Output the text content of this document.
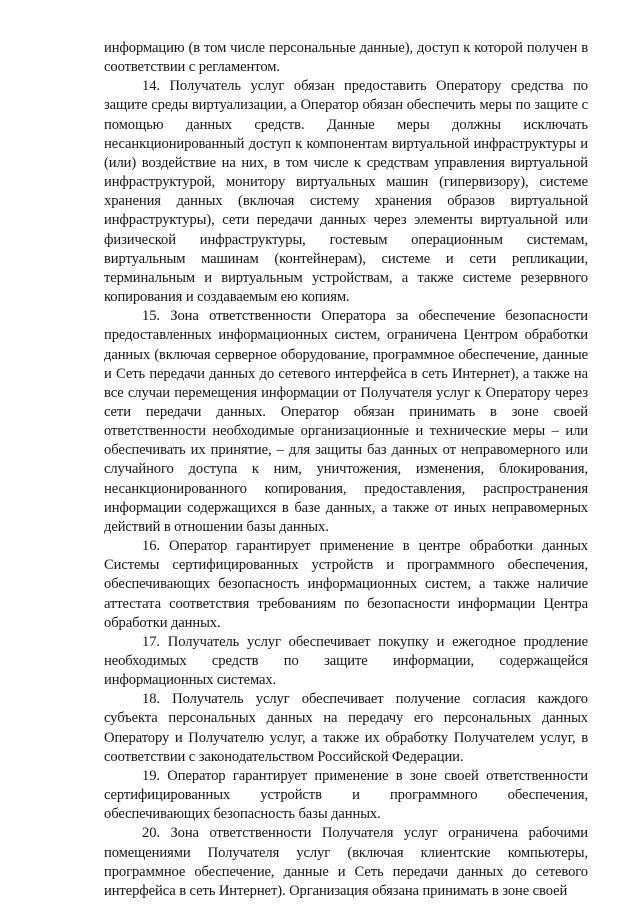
информацию (в том числе персональные данные), доступ к которой получен в соответствии с регламентом.

14. Получатель услуг обязан предоставить Оператору средства по защите среды виртуализации, а Оператор обязан обеспечить меры по защите с помощью данных средств. Данные меры должны исключать несанкционированный доступ к компонентам виртуальной инфраструктуры и (или) воздействие на них, в том числе к средствам управления виртуальной инфраструктурой, монитору виртуальных машин (гипервизору), системе хранения данных (включая систему хранения образов виртуальной инфраструктуры), сети передачи данных через элементы виртуальной или физической инфраструктуры, гостевым операционным системам, виртуальным машинам (контейнерам), системе и сети репликации, терминальным и виртуальным устройствам, а также системе резервного копирования и создаваемым ею копиям.

15. Зона ответственности Оператора за обеспечение безопасности предоставленных информационных систем, ограничена Центром обработки данных (включая серверное оборудование, программное обеспечение, данные и Сеть передачи данных до сетевого интерфейса в сеть Интернет), а также на все случаи перемещения информации от Получателя услуг к Оператору через сети передачи данных. Оператор обязан принимать в зоне своей ответственности необходимые организационные и технические меры – или обеспечивать их принятие, – для защиты баз данных от неправомерного или случайного доступа к ним, уничтожения, изменения, блокирования, несанкционированного копирования, предоставления, распространения информации содержащихся в базе данных, а также от иных неправомерных действий в отношении базы данных.

16. Оператор гарантирует применение в центре обработки данных Системы сертифицированных устройств и программного обеспечения, обеспечивающих безопасность информационных систем, а также наличие аттестата соответствия требованиям по безопасности информации Центра обработки данных.

17. Получатель услуг обеспечивает покупку и ежегодное продление необходимых средств по защите информации, содержащейся информационных системах.

18. Получатель услуг обеспечивает получение согласия каждого субъекта персональных данных на передачу его персональных данных Оператору и Получателю услуг, а также их обработку Получателем услуг, в соответствии с законодательством Российской Федерации.

19. Оператор гарантирует применение в зоне своей ответственности сертифицированных устройств и программного обеспечения, обеспечивающих безопасность базы данных.

20. Зона ответственности Получателя услуг ограничена рабочими помещениями Получателя услуг (включая клиентские компьютеры, программное обеспечение, данные и Сеть передачи данных до сетевого интерфейса в сеть Интернет). Организация обязана принимать в зоне своей
